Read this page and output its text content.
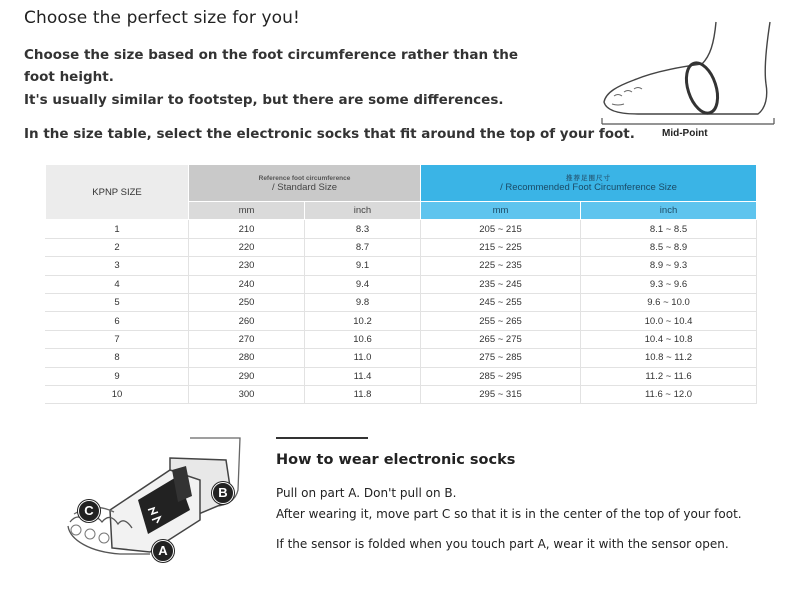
Choose the perfect size for you!
Choose the size based on the foot circumference rather than the
foot height.
It's usually similar to footstep, but there are some differences.
In the size table, select the electronic socks that fit around the top of your foot.	Mid-Point
KPNP SIZE	Reference foot circumference
/ Standard Size		推荐足围尺寸
/ Recommended Foot Circumference Size	
	mm	inch	mm	inch
1	210	8.3	205 ~ 215	8.1 ~ 8.5
2	220	8.7	215 ~ 225	8.5 ~ 8.9
3	230	9.1	225 ~ 235	8.9 ~ 9.3
4	240	9.4	235 ~ 245	9.3 ~ 9.6
5	250	9.8	245 ~ 255	9.6 ~ 10.0
6	260	10.2	255 ~ 265	10.0 ~ 10.4
7	270	10.6	265 ~ 275	10.4 ~ 10.8
8	280	11.0	275 ~ 285	10.8 ~ 11.2
9	290	11.4	285 ~ 295	11.2 ~ 11.6
10	300	11.8	295 ~ 315	11.6 ~ 12.0
How to wear electronic socks
Pull on part A. Don't pull on B.
After wearing it, move part C so that it is in the center of the top of your foot.
If the sensor is folded when you touch part A, wear it with the sensor open.
B
C
A
